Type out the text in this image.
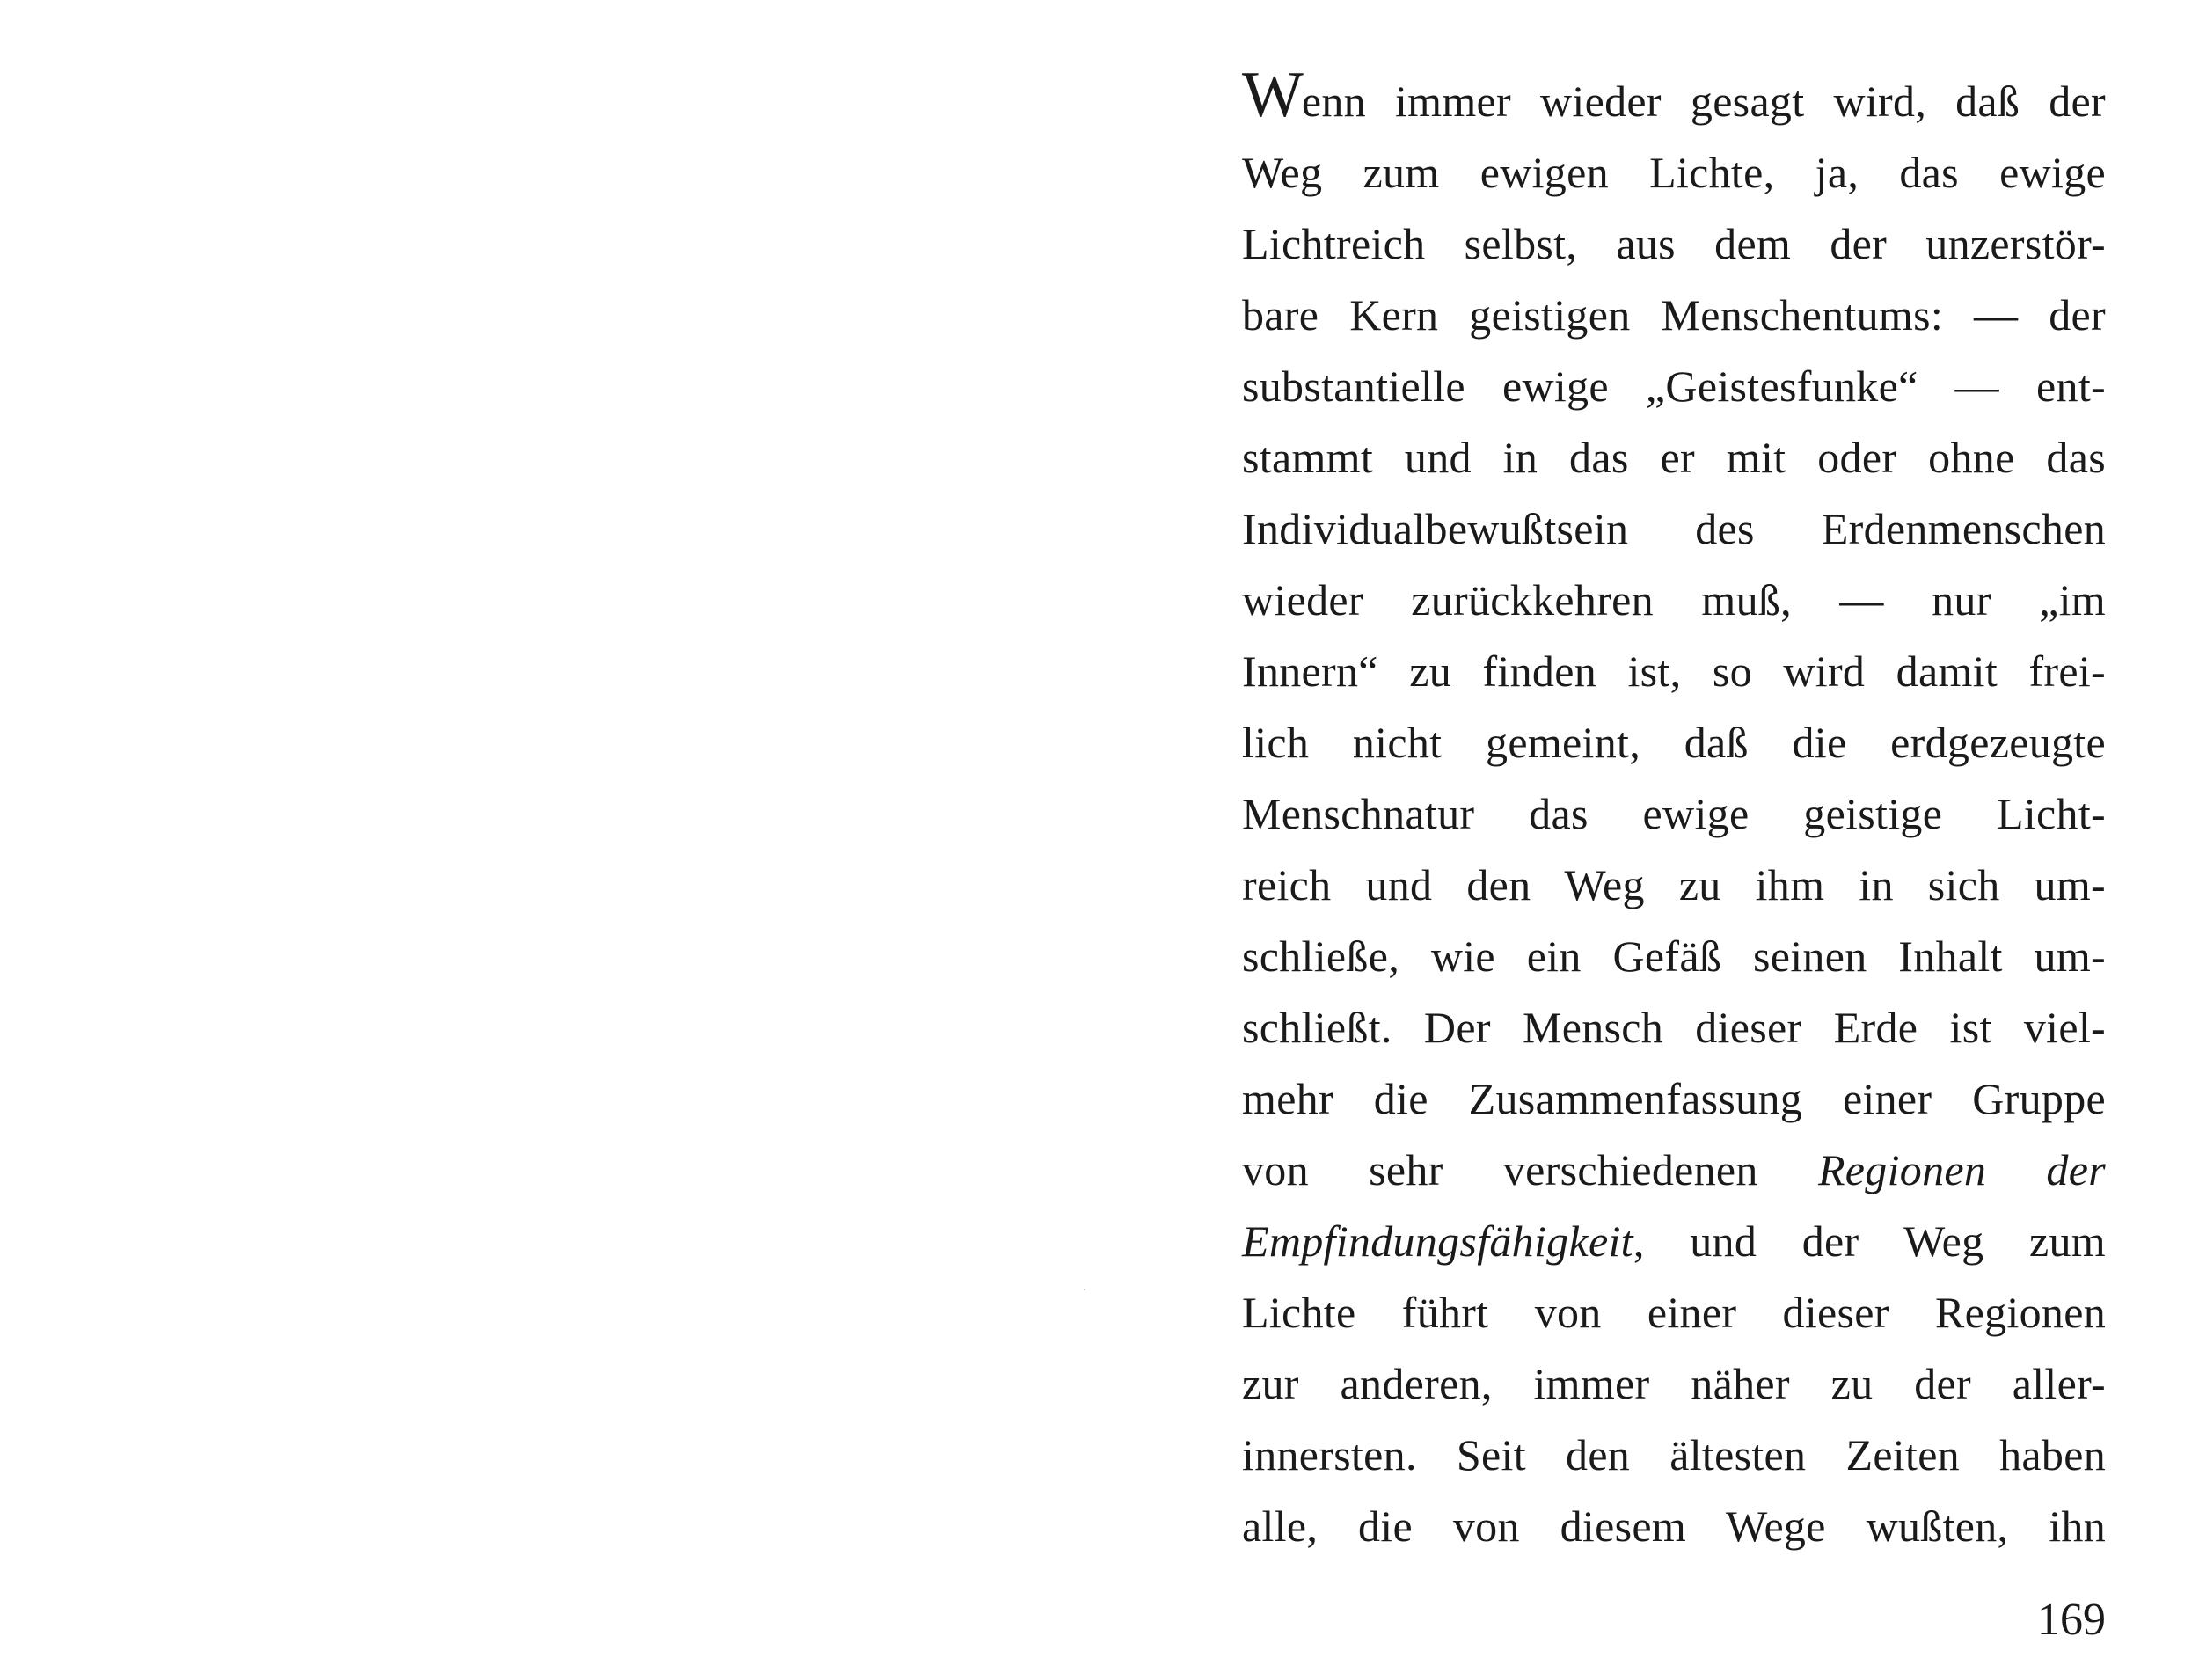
Wenn immer wieder gesagt wird, daß der
Weg zum ewigen Lichte, ja, das ewige
Lichtreich selbst, aus dem der unzerstör-
bare Kern geistigen Menschentums: — der
substantielle ewige „Geistesfunke“ — ent-
stammt und in das er mit oder ohne das
Individualbewußtsein des Erdenmenschen
wieder zurückkehren muß, — nur „im
Innern“ zu finden ist, so wird damit frei-
lich nicht gemeint, daß die erdgezeugte
Menschnatur das ewige geistige Licht-
reich und den Weg zu ihm in sich um-
schließe, wie ein Gefäß seinen Inhalt um-
schließt. Der Mensch dieser Erde ist viel-
mehr die Zusammenfassung einer Gruppe
von sehr verschiedenen Regionen der
Empfindungsfähigkeit, und der Weg zum
Lichte führt von einer dieser Regionen
zur anderen, immer näher zu der aller-
innersten. Seit den ältesten Zeiten haben
alle, die von diesem Wege wußten, ihn
169
